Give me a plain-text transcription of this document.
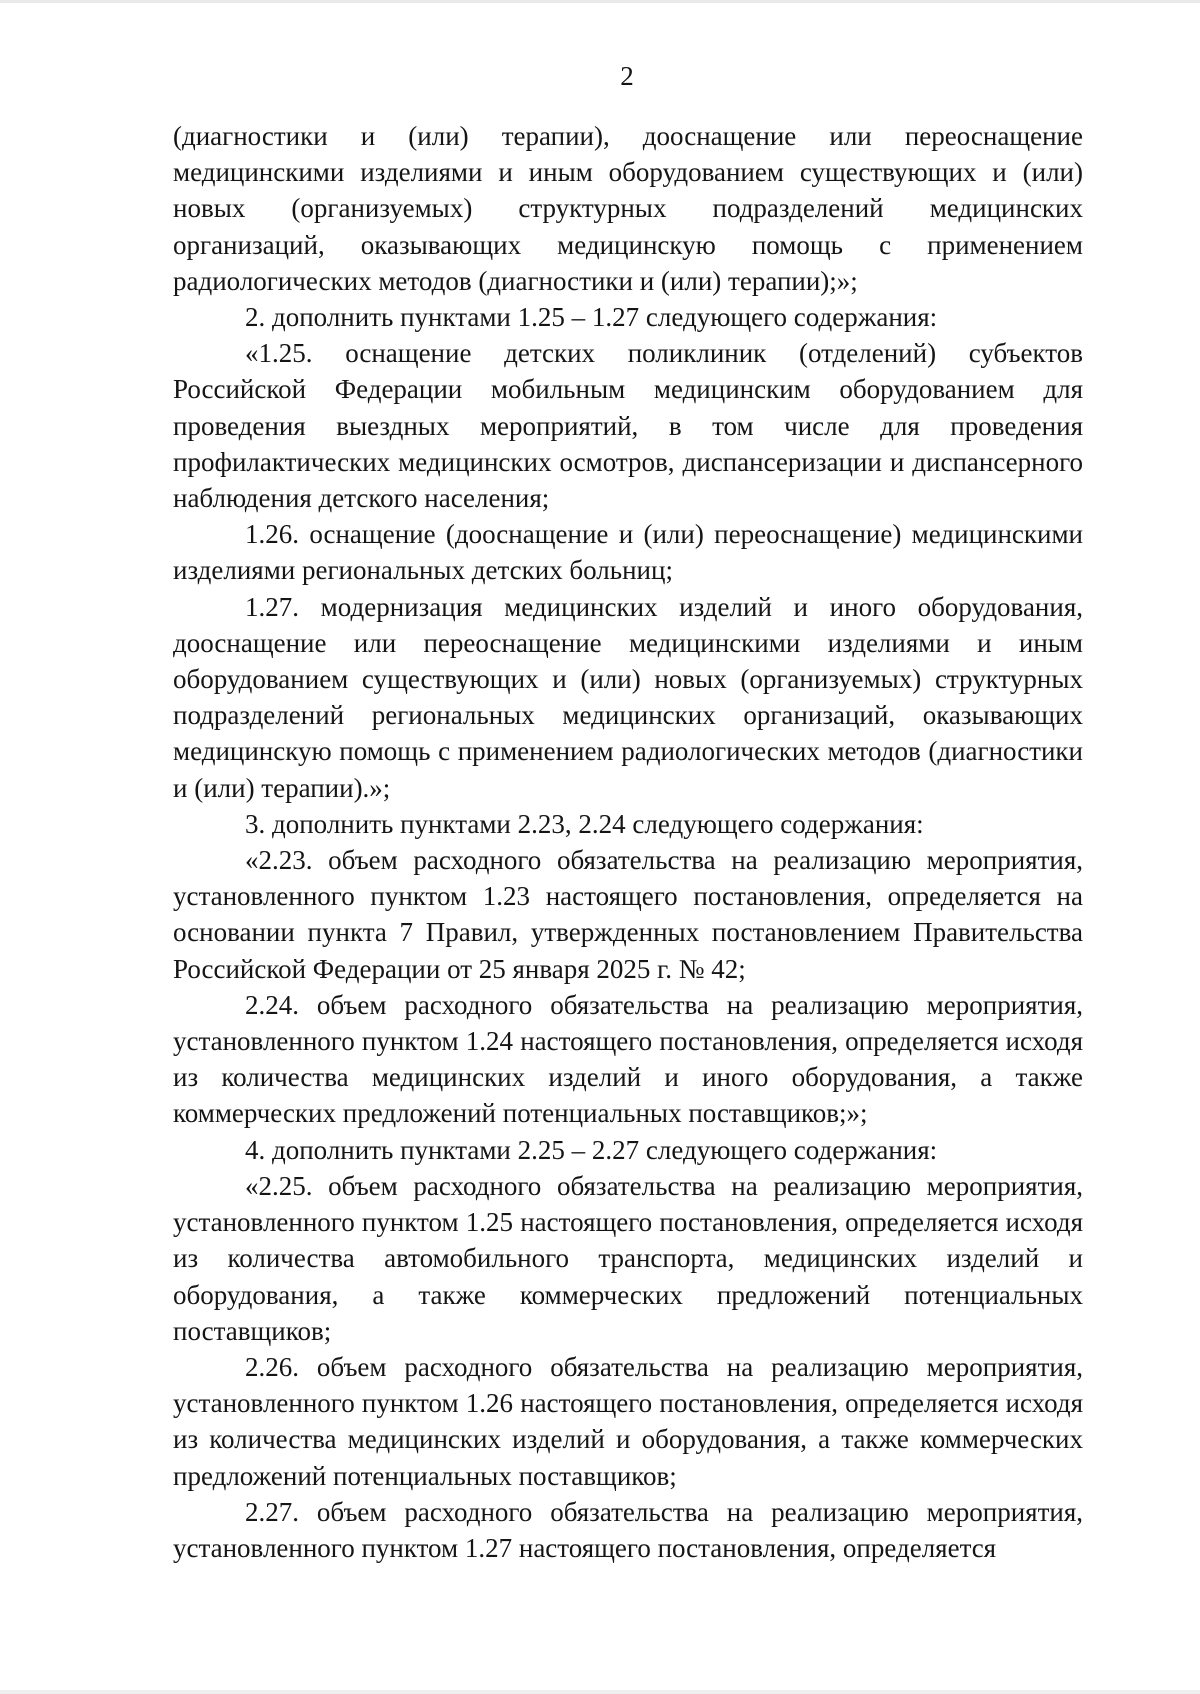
2

(диагностики и (или) терапии), дооснащение или переоснащение медицинскими изделиями и иным оборудованием существующих и (или) новых (организуемых) структурных подразделений медицинских организаций, оказывающих медицинскую помощь с применением радиологических методов (диагностики и (или) терапии);»;

2. дополнить пунктами 1.25 – 1.27 следующего содержания:

«1.25. оснащение детских поликлиник (отделений) субъектов Российской Федерации мобильным медицинским оборудованием для проведения выездных мероприятий, в том числе для проведения профилактических медицинских осмотров, диспансеризации и диспансерного наблюдения детского населения;

1.26. оснащение (дооснащение и (или) переоснащение) медицинскими изделиями региональных детских больниц;

1.27. модернизация медицинских изделий и иного оборудования, дооснащение или переоснащение медицинскими изделиями и иным оборудованием существующих и (или) новых (организуемых) структурных подразделений региональных медицинских организаций, оказывающих медицинскую помощь с применением радиологических методов (диагностики и (или) терапии).»;

3. дополнить пунктами 2.23, 2.24 следующего содержания:

«2.23. объем расходного обязательства на реализацию мероприятия, установленного пунктом 1.23 настоящего постановления, определяется на основании пункта 7 Правил, утвержденных постановлением Правительства Российской Федерации от 25 января 2025 г. № 42;

2.24. объем расходного обязательства на реализацию мероприятия, установленного пунктом 1.24 настоящего постановления, определяется исходя из количества медицинских изделий и иного оборудования, а также коммерческих предложений потенциальных поставщиков;»;

4. дополнить пунктами 2.25 – 2.27 следующего содержания:

«2.25. объем расходного обязательства на реализацию мероприятия, установленного пунктом 1.25 настоящего постановления, определяется исходя из количества автомобильного транспорта, медицинских изделий и оборудования, а также коммерческих предложений потенциальных поставщиков;

2.26. объем расходного обязательства на реализацию мероприятия, установленного пунктом 1.26 настоящего постановления, определяется исходя из количества медицинских изделий и оборудования, а также коммерческих предложений потенциальных поставщиков;

2.27. объем расходного обязательства на реализацию мероприятия, установленного пунктом 1.27 настоящего постановления, определяется
